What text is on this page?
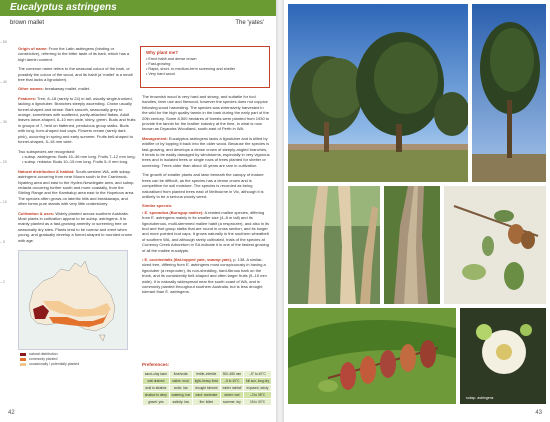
Eucalyptus astringens
brown mallet	The 'yates'
– 50
– 40
– 30
– 20
– 10
– 5
– 2

Origin of name: From the Latin astringens (binding or constrictive), referring to the bitter taste of its bark, which has a high tannin content.

The common name refers to the seasonal colour of the bark, or possibly the colour of the wood, and its habit (a 'mallet' is a small tree that lacks a lignotuber).

Other names: breakaway mallet, mallet.

Features: Tree, 8–18 (rarely to 24) m tall, usually single-trunked, lacking a lignotuber. Branches steeply ascending. Crown usually funnel-shaped and dense. Bark smooth, seasonally grey to orange, sometimes with scattered, partly-attached flakes. Adult leaves lance-shaped, 8–10 mm wide, shiny, green. Buds and fruits in groups of 7, held on flattened, pendulous group stalks. Buds with long, horn-shaped bud caps. Flowers cream (rarely dark pink), occurring in spring and early summer. Fruits bell-shaped to funnel-shaped, 5–18 mm wide.

Two subspecies are recognised:

• subsp. astringens: Buds 15–36 mm long. Fruits 7–12 mm long.

• subsp. redacta: Buds 10–15 mm long. Fruits 5–9 mm long.

Natural distribution & habitat: South-western WA, with subsp. astringens occurring from near Moora south to the Cranbrook-Nyabing area and east to the Hyden-Newdegate area, and subsp. redacta occurring further south and more coastally, from the Stirling Range and the Kambalup area east to the Hopetoun area. The species often grows on lateritic hills and breakaways, and often forms pure stands with very little understorey.

Cultivation & uses: Widely planted across southern Australia. Most plants in cultivation appear to be subsp. astringens. It is mainly planted as a fast-growing amenity or screening tree on seasonally dry sites. Plants tend to be narrow and erect when young, and gradually develop a funnel-shaped to rounded crown with age.

Why plant me?
• Erect habit and dense crown
• Fast-growing
• Rapid, short- to medium-term screening and shelter
• Very hard wood

The brownish wood is very hard and strong, and suitable for tool handles, farm use and firewood, however the species does not coppice following wood harvesting. The species was extensively harvested in the wild for the high quality tannin in the bark during the early part of the 20th century. Some 8,500 hectares of forests were planted from 1930 to provide the tannin for the leather industry at the time, in what is now known as Dryandra Woodland, south-east of Perth in WA.

Management: Eucalyptus astringens lacks a lignotuber and is killed by wildfire or by lopping it back into the older wood. Because the species is fast-growing, and develops a dense crown of steeply-angled branches, it tends to be easily damaged by windstorms, especially in very vigorous trees and in isolated trees or single rows of trees planted for shelter or screening. Trees older than about 40 years are rare in cultivation.

The growth of smaller plants and lawn beneath the canopy of mature trees can be difficult, as the species has a dense crown and is competitive for soil moisture. The species is recorded as being naturalised from planted trees east of Melbourne in Vic, although it is unlikely to be a serious woody weed.

Similar species:

• E. sporadica (Burngup mallee): A related mallee species, differing from E. astringens mainly in its smaller size (4–8 m tall) and its lignotuberous, multi-stemmed mallee habit (a resprouter), and also in its bud and fruit group stalks that are round in cross section, and its longer and more pointed bud caps. It grows naturally in the southern wheatbelt of southern WA, and although rarely cultivated, trials of the species at Currency Creek Arboretum in SA indicate it is one of the fastest growing of all the mallee eucalypts.

• E. occidentalis (flat-topped yate, swamp yate), p. 138. A similar-sized tree, differing from E. astringens most conspicuously in having a lignotuber (a resprouter), its non-shedding, hard-fibrous bark on the trunk, and its consistently bell-shaped and often larger fruits (9–15 mm wide). It is naturally widespread near the south coast of WA, and is commonly planted throughout southern Australia, but is less drought tolerant than E. astringens.

natural distribution
commonly planted
occasionally / potentially planted	Preferences:
sand–clay loam	lime/sodic	fertile–infertile	300–650 mm	–5° to 40°C
well drained	saline: mod.	light–heavy frost	–5 to 40°C	full sun, long dry
acid to alkaline	sodic: low	drought tolerant	winter rainfall	exposed, windy
shallow to deep	waterlog: low	wind: moderate	winter: wet	–3 to 38°C
gravel: yes	salinity: low	fire: killed	summer: dry	18 to 30°C
42
subsp. astringens
43
